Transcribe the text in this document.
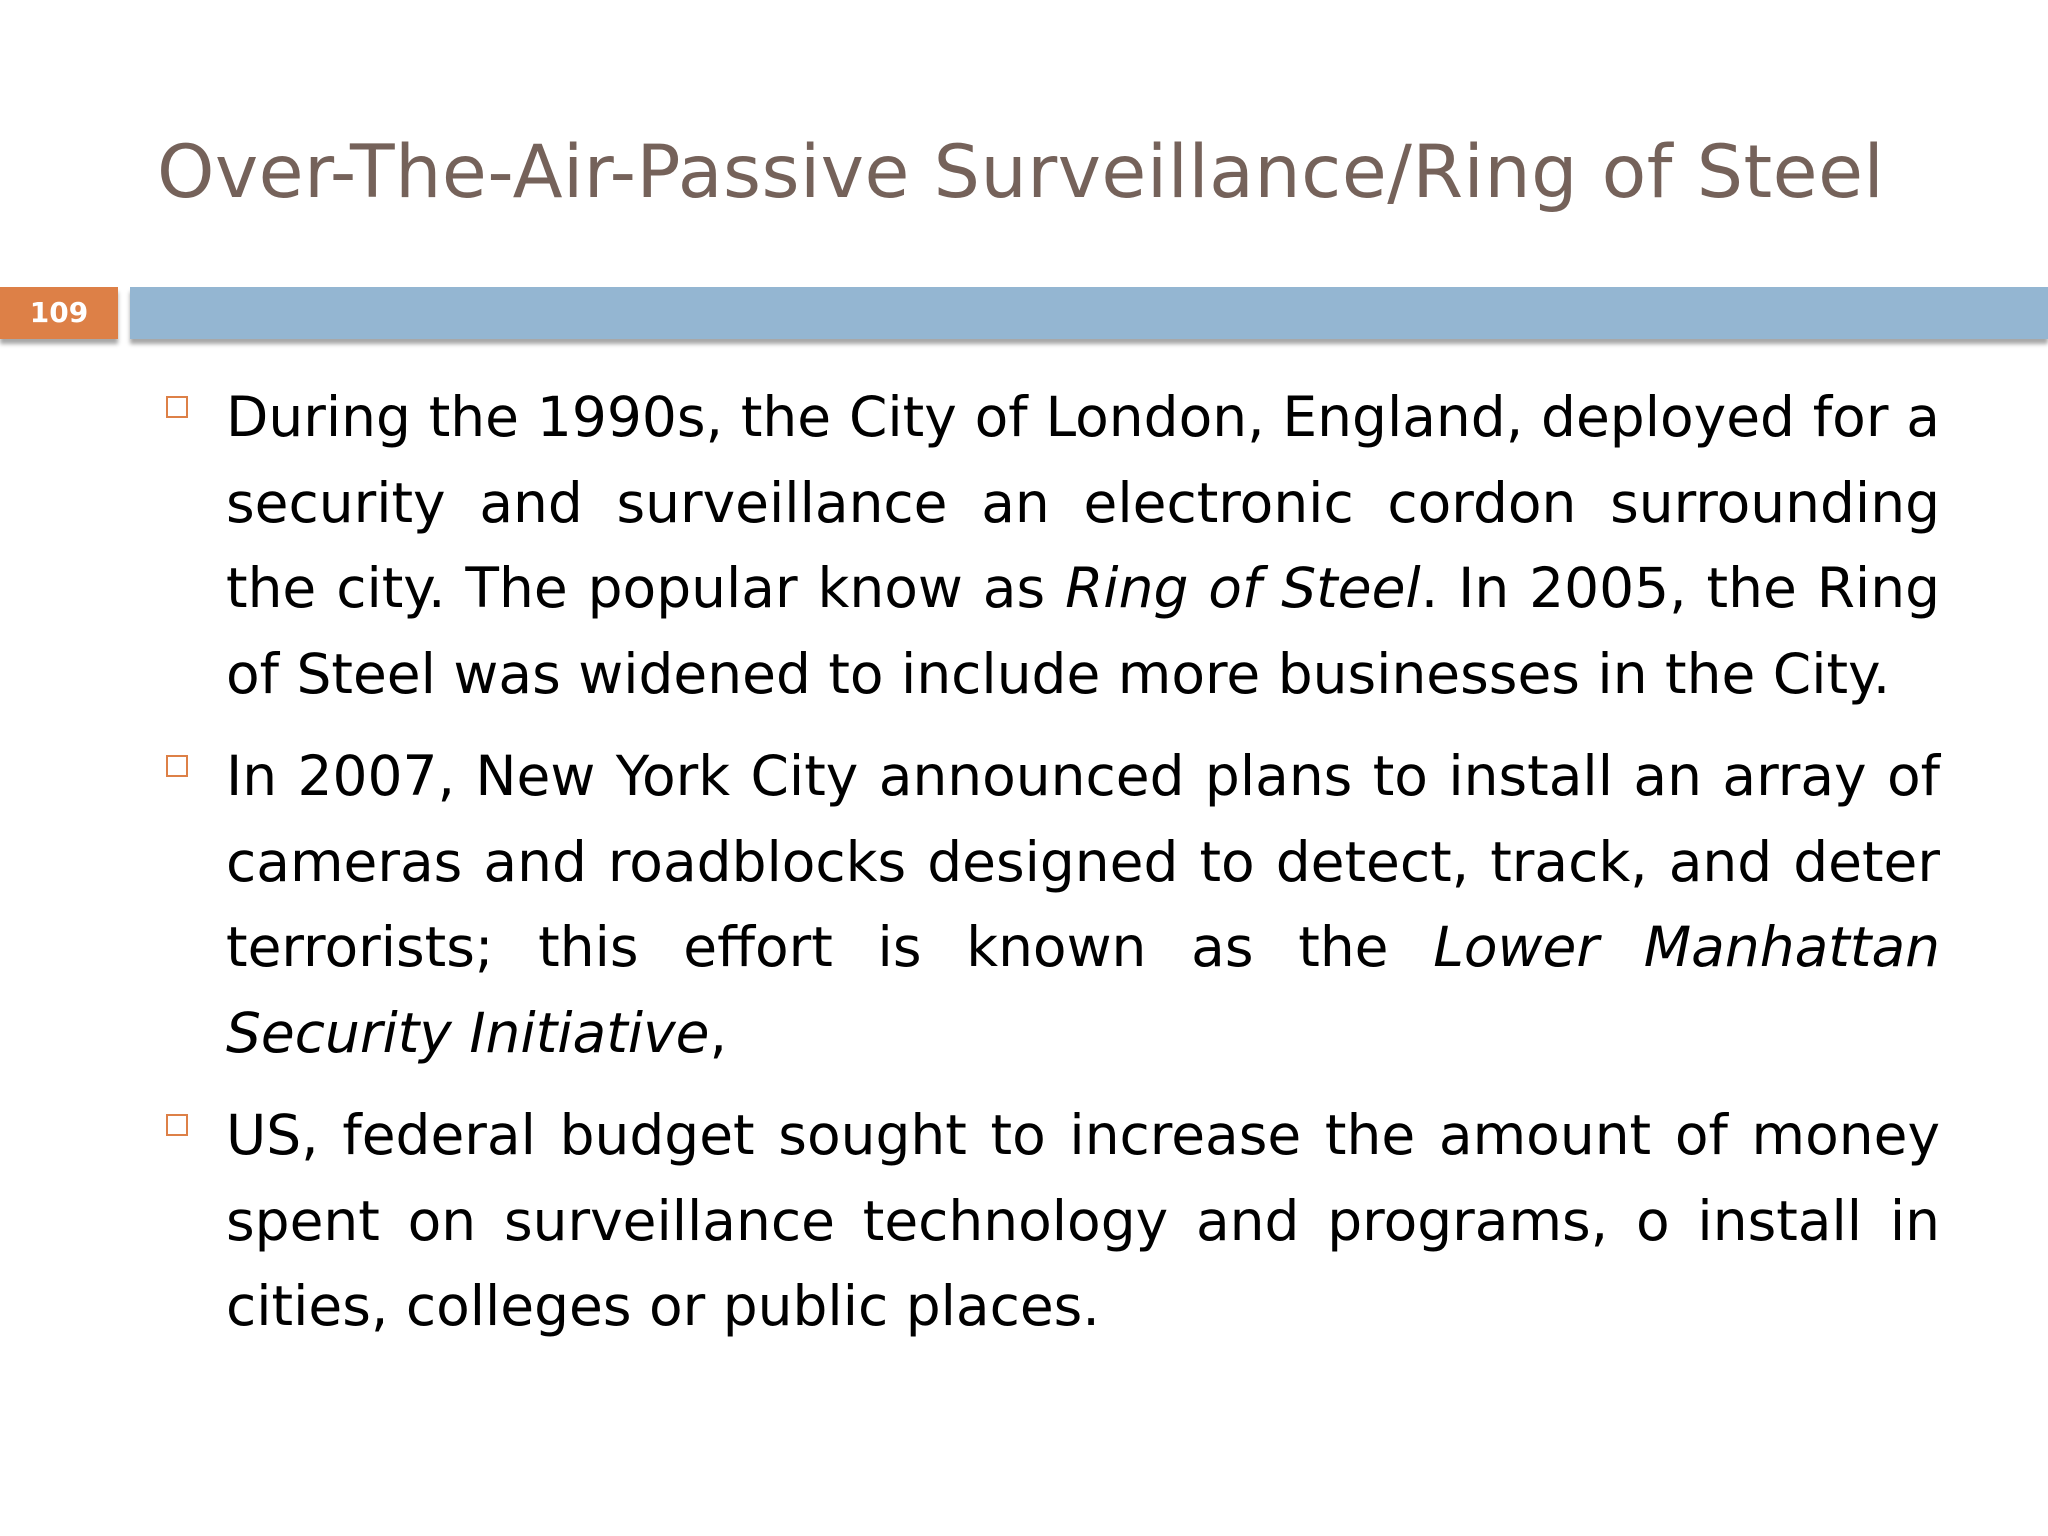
Over-The-Air-Passive Surveillance/Ring of Steel
109
During the 1990s, the City of London, England, deployed for a security and surveillance an electronic cordon surrounding the city. The popular know as Ring of Steel. In 2005, the Ring of Steel was widened to include more businesses in the City.
In 2007, New York City announced plans to install an array of cameras and roadblocks designed to detect, track, and deter terrorists; this effort is known as the Lower Manhattan Security Initiative,
US, federal budget sought to increase the amount of money spent on surveillance technology and programs, o install in cities, colleges or public places.
